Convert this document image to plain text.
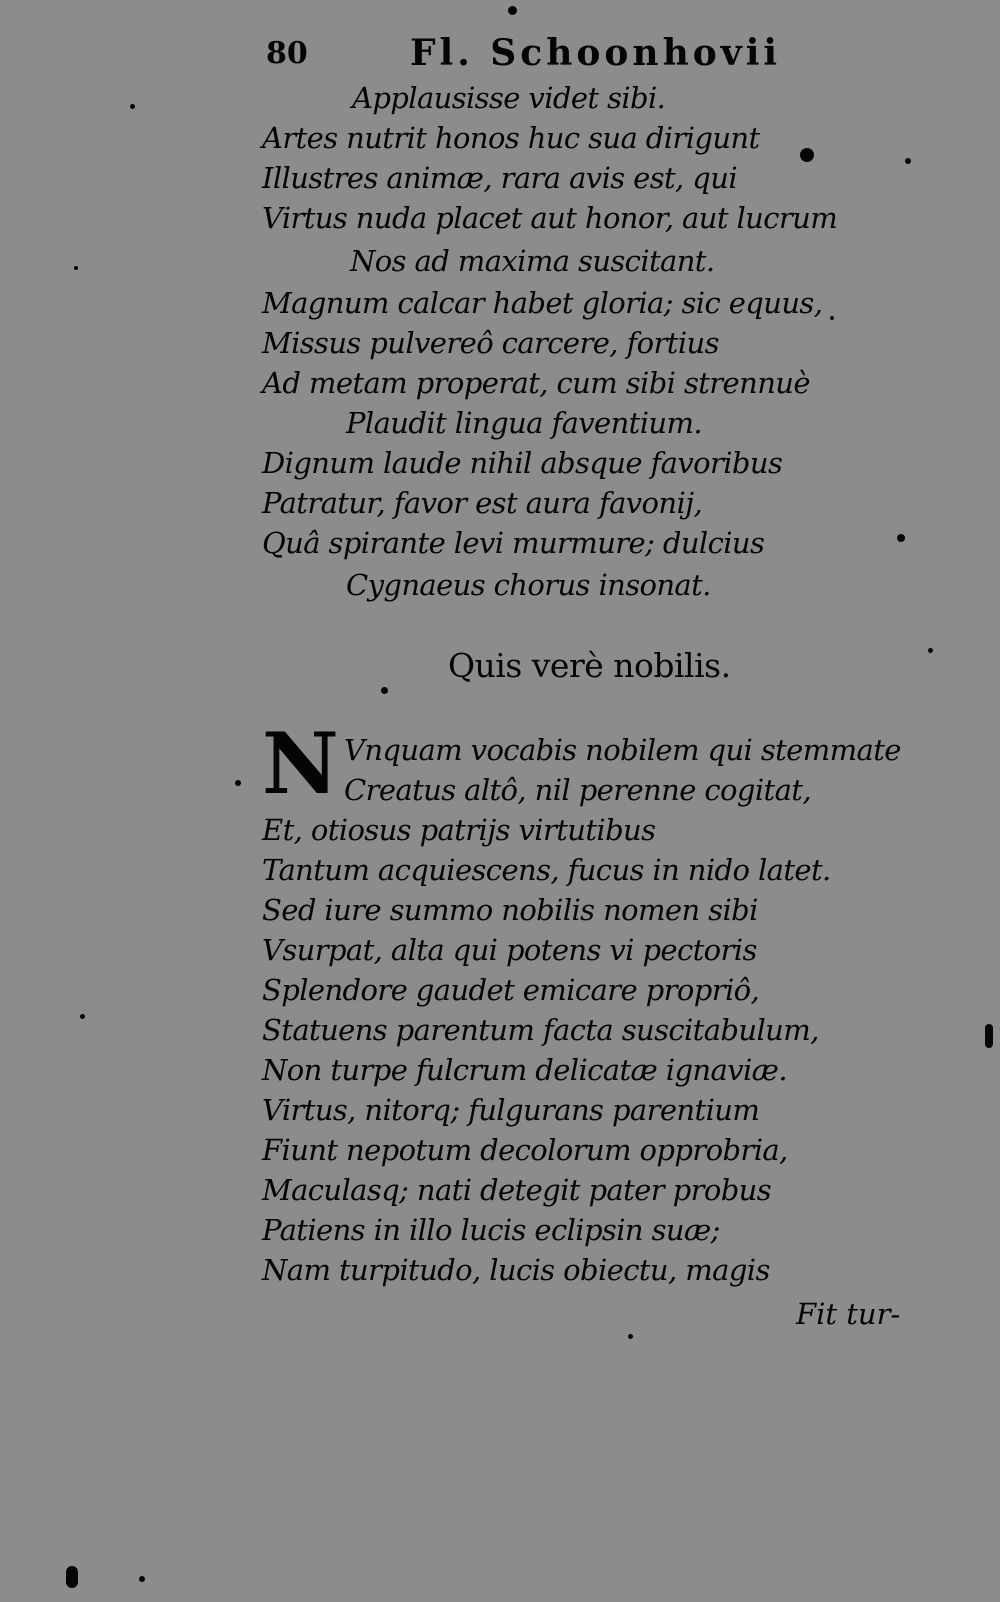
80	Fl. Schoonhovii
Applausisse videt sibi.
Artes nutrit honos huc sua dirigunt
Illustres animæ, rara avis est, qui
Virtus nuda placet aut honor, aut lucrum
Nos ad maxima suscitant.
Magnum calcar habet gloria; sic equus,
Missus pulvereô carcere, fortius
Ad metam properat, cum sibi strennuè
Plaudit lingua faventium.
Dignum laude nihil absque favoribus
Patratur, favor est aura favonij,
Quâ spirante levi murmure; dulcius
Cygnaeus chorus insonat.
Quis verè nobilis.
N Vnquam vocabis nobilem qui stemmate
Creatus altô, nil perenne cogitat,
Et, otiosus patrijs virtutibus
Tantum acquiescens, fucus in nido latet.
Sed iure summo nobilis nomen sibi
Vsurpat, alta qui potens vi pectoris
Splendore gaudet emicare propriô,
Statuens parentum facta suscitabulum,
Non turpe fulcrum delicatæ ignaviæ.
Virtus, nitorq; fulgurans parentium
Fiunt nepotum decolorum opprobria,
Maculasq; nati detegit pater probus
Patiens in illo lucis eclipsin suæ;
Nam turpitudo, lucis obiectu, magis
Fit tur-
